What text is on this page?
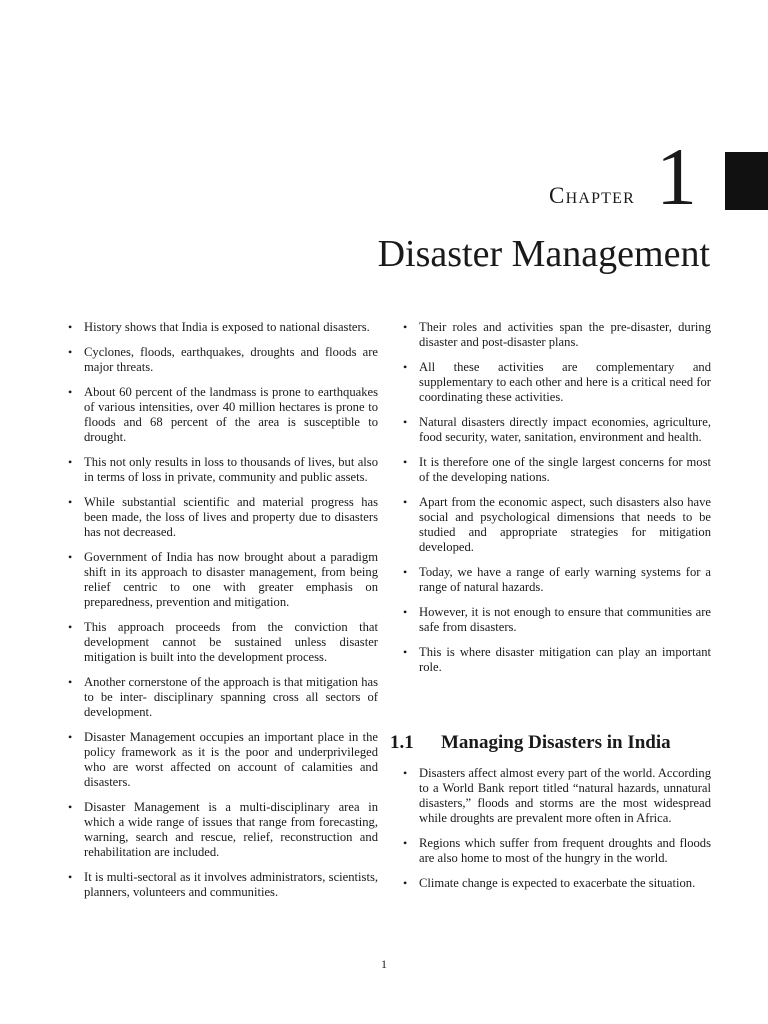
Chapter 1
Disaster Management
• History shows that India is exposed to national disasters.
• Cyclones, floods, earthquakes, droughts and floods are major threats.
• About 60 percent of the landmass is prone to earthquakes of various intensities, over 40 million hectares is prone to floods and 68 percent of the area is susceptible to drought.
• This not only results in loss to thousands of lives, but also in terms of loss in private, community and public assets.
• While substantial scientific and material progress has been made, the loss of lives and property due to disasters has not decreased.
• Government of India has now brought about a paradigm shift in its approach to disaster management, from being relief centric to one with greater emphasis on preparedness, prevention and mitigation.
• This approach proceeds from the conviction that development cannot be sustained unless disaster mitigation is built into the development process.
• Another cornerstone of the approach is that mitigation has to be inter- disciplinary spanning cross all sectors of development.
• Disaster Management occupies an important place in the policy framework as it is the poor and underprivileged who are worst affected on account of calamities and disasters.
• Disaster Management is a multi-disciplinary area in which a wide range of issues that range from forecasting, warning, search and rescue, relief, reconstruction and rehabilitation are included.
• It is multi-sectoral as it involves administrators, scientists, planners, volunteers and communities.
• Their roles and activities span the pre-disaster, during disaster and post-disaster plans.
• All these activities are complementary and supplementary to each other and here is a critical need for coordinating these activities.
• Natural disasters directly impact economies, agriculture, food security, water, sanitation, environment and health.
• It is therefore one of the single largest concerns for most of the developing nations.
• Apart from the economic aspect, such disasters also have social and psychological dimensions that needs to be studied and appropriate strategies for mitigation developed.
• Today, we have a range of early warning systems for a range of natural hazards.
• However, it is not enough to ensure that communities are safe from disasters.
• This is where disaster mitigation can play an important role.
1.1 Managing Disasters in India
• Disasters affect almost every part of the world. According to a World Bank report titled “natural hazards, unnatural disasters,” floods and storms are the most widespread while droughts are prevalent more often in Africa.
• Regions which suffer from frequent droughts and floods are also home to most of the hungry in the world.
• Climate change is expected to exacerbate the situation.
1
